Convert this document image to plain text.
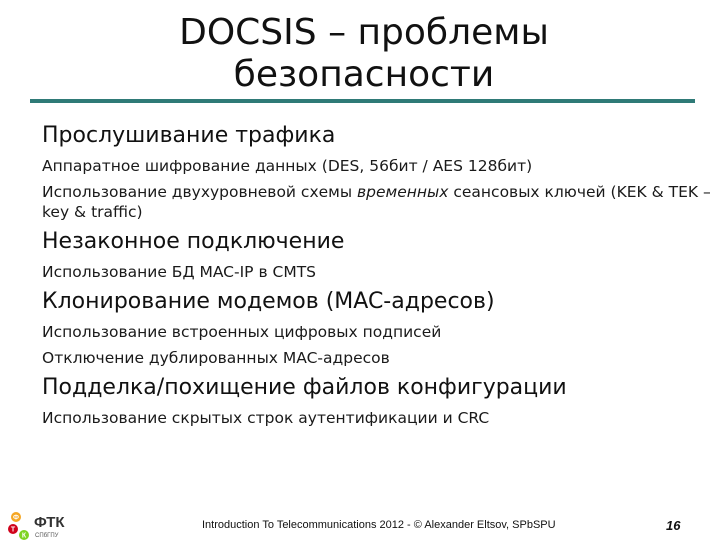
DOCSIS – проблемы
безопасности
Прослушивание трафика
Аппаратное шифрование данных (DES, 56бит / AES 128бит)
Использование двухуровневой схемы временных сеансовых ключей (KEK & TEK – key & traffic)
Незаконное подключение
Использование БД MAC-IP в CMTS
Клонирование модемов (MAC-адресов)
Использование встроенных цифровых подписей
Отключение дублированных MAC-адресов
Подделка/похищение файлов конфигурации
Использование скрытых строк аутентификации и CRC
Ф
Т
К
ФТК
СПбГПУ
Introduction To Telecommunications 2012 - © Alexander Eltsov, SPbSPU	16
